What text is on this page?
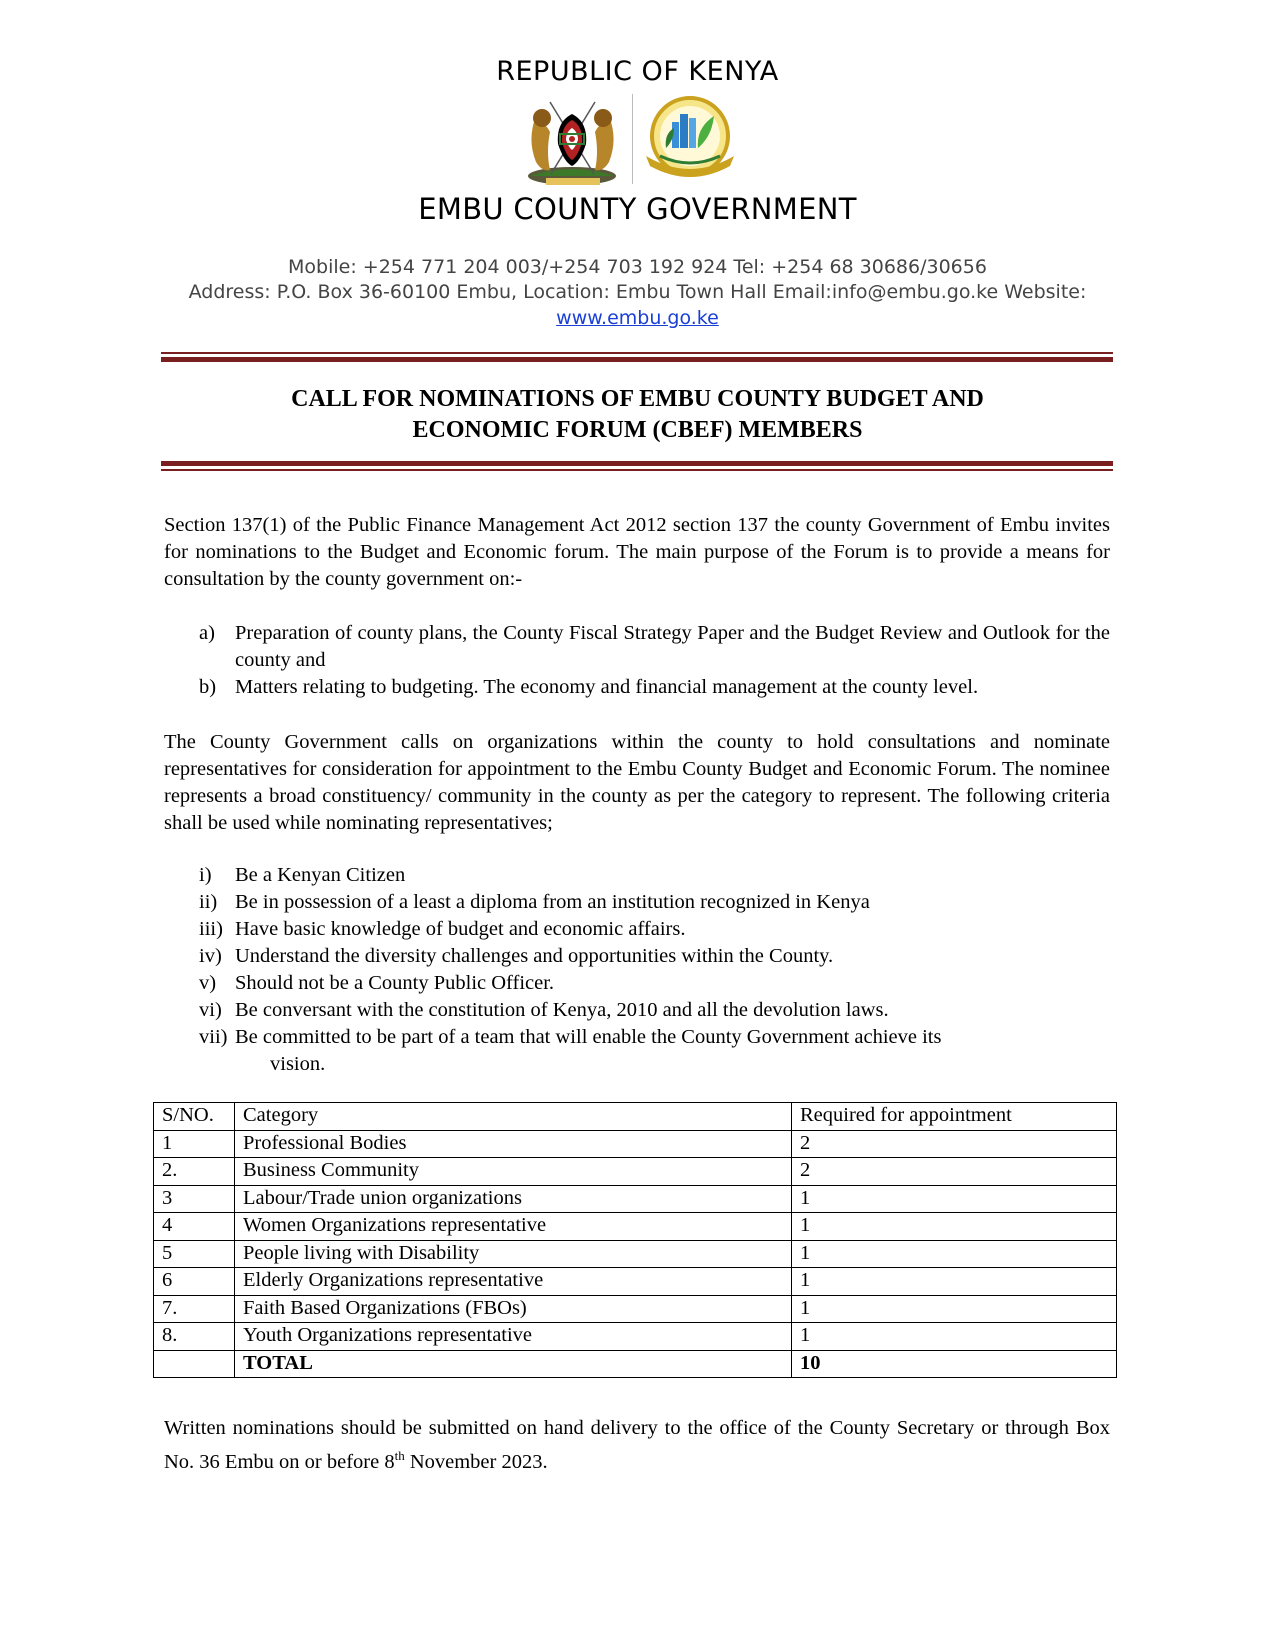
REPUBLIC OF KENYA
EMBU COUNTY GOVERNMENT
Mobile: +254 771 204 003/+254 703 192 924 Tel: +254 68 30686/30656
Address: P.O. Box 36-60100 Embu, Location: Embu Town Hall Email:info@embu.go.ke Website:
www.embu.go.ke
CALL FOR NOMINATIONS OF EMBU COUNTY BUDGET AND
ECONOMIC FORUM (CBEF) MEMBERS
Section 137(1) of the Public Finance Management Act 2012 section 137 the county Government of Embu invites for nominations to the Budget and Economic forum. The main purpose of the Forum is to provide a means for consultation by the county government on:-
a) Preparation of county plans, the County Fiscal Strategy Paper and the Budget Review and Outlook for the county and
b) Matters relating to budgeting. The economy and financial management at the county level.
The County Government calls on organizations within the county to hold consultations and nominate representatives for consideration for appointment to the Embu County Budget and Economic Forum. The nominee represents a broad constituency/ community in the county as per the category to represent. The following criteria shall be used while nominating representatives;
i) Be a Kenyan Citizen
ii) Be in possession of a least a diploma from an institution recognized in Kenya
iii) Have basic knowledge of budget and economic affairs.
iv) Understand the diversity challenges and opportunities within the County.
v) Should not be a County Public Officer.
vi) Be conversant with the constitution of Kenya, 2010 and all the devolution laws.
vii) Be committed to be part of a team that will enable the County Government achieve its
vision.
S/NO.	Category	Required for appointment
1	Professional Bodies	2
2.	Business Community	2
3	Labour/Trade union organizations	1
4	Women Organizations representative	1
5	People living with Disability	1
6	Elderly Organizations representative	1
7.	Faith Based Organizations (FBOs)	1
8.	Youth Organizations representative	1
	TOTAL	10
Written nominations should be submitted on hand delivery to the office of the County Secretary or through Box No. 36 Embu on or before 8th November 2023.
